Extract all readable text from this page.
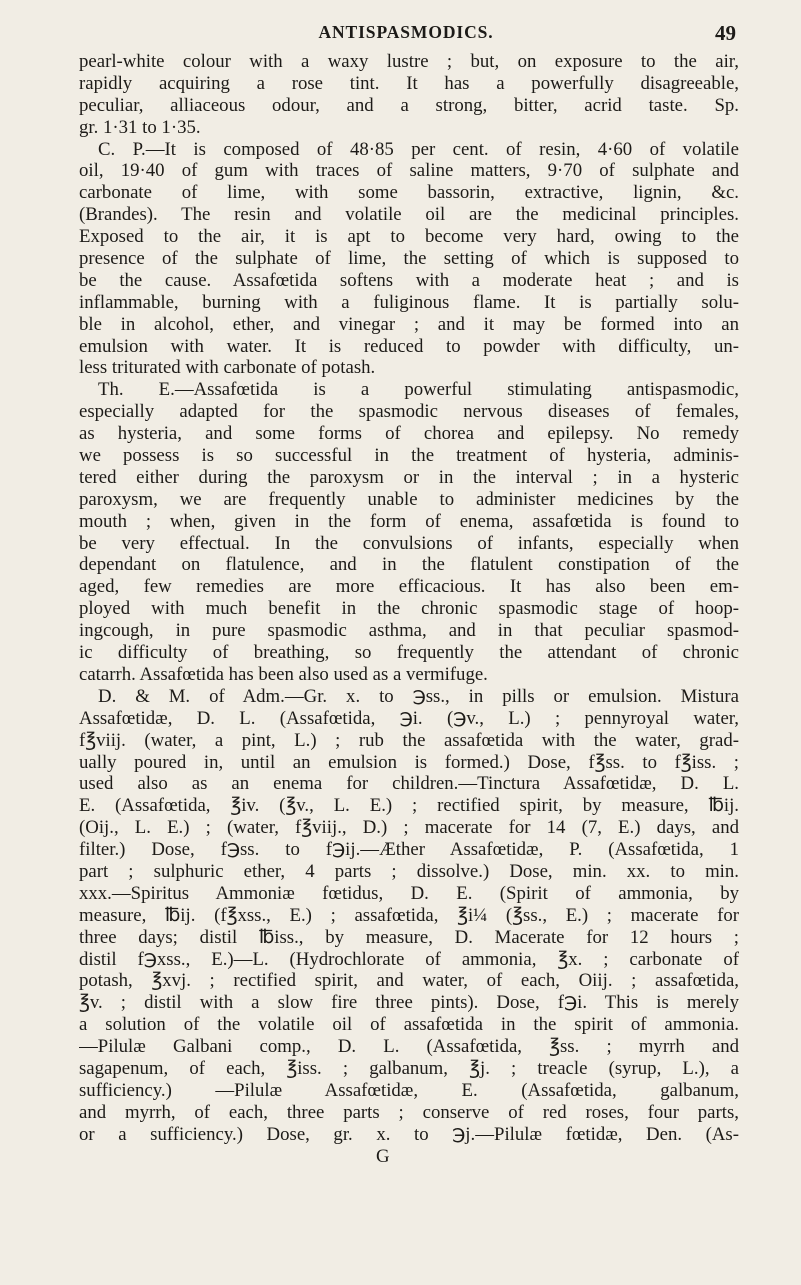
ANTISPASMODICS.	49
pearl-white colour with a waxy lustre ; but, on exposure to the air,
rapidly acquiring a rose tint. It has a powerfully disagreeable,
peculiar, alliaceous odour, and a strong, bitter, acrid taste. Sp.
gr. 1·31 to 1·35.
C. P.—It is composed of 48·85 per cent. of resin, 4·60 of volatile
oil, 19·40 of gum with traces of saline matters, 9·70 of sulphate and
carbonate of lime, with some bassorin, extractive, lignin, &c.
(Brandes). The resin and volatile oil are the medicinal principles.
Exposed to the air, it is apt to become very hard, owing to the
presence of the sulphate of lime, the setting of which is supposed to
be the cause. Assafœtida softens with a moderate heat ; and is
inflammable, burning with a fuliginous flame. It is partially solu-
ble in alcohol, ether, and vinegar ; and it may be formed into an
emulsion with water. It is reduced to powder with difficulty, un-
less triturated with carbonate of potash.
Th. E.—Assafœtida is a powerful stimulating antispasmodic,
especially adapted for the spasmodic nervous diseases of females,
as hysteria, and some forms of chorea and epilepsy. No remedy
we possess is so successful in the treatment of hysteria, adminis-
tered either during the paroxysm or in the interval ; in a hysteric
paroxysm, we are frequently unable to administer medicines by the
mouth ; when, given in the form of enema, assafœtida is found to
be very effectual. In the convulsions of infants, especially when
dependant on flatulence, and in the flatulent constipation of the
aged, few remedies are more efficacious. It has also been em-
ployed with much benefit in the chronic spasmodic stage of hoop-
ingcough, in pure spasmodic asthma, and in that peculiar spasmod-
ic difficulty of breathing, so frequently the attendant of chronic
catarrh. Assafœtida has been also used as a vermifuge.
D. & M. of Adm.—Gr. x. to ℈ss., in pills or emulsion. Mistura
Assafœtidæ, D. L. (Assafœtida, ℈i. (℈v., L.) ; pennyroyal water,
f℥viij. (water, a pint, L.) ; rub the assafœtida with the water, grad-
ually poured in, until an emulsion is formed.) Dose, f℥ss. to f℥iss. ;
used also as an enema for children.—Tinctura Assafœtidæ, D. L.
E. (Assafœtida, ℥iv. (℥v., L. E.) ; rectified spirit, by measure, ℔ij.
(Oij., L. E.) ; (water, f℥viij., D.) ; macerate for 14 (7, E.) days, and
filter.) Dose, f℈ss. to f℈ij.—Æther Assafœtidæ, P. (Assafœtida, 1
part ; sulphuric ether, 4 parts ; dissolve.) Dose, min. xx. to min.
xxx.—Spiritus Ammoniæ fœtidus, D. E. (Spirit of ammonia, by
measure, ℔ij. (f℥xss., E.) ; assafœtida, ℥i¼ (℥ss., E.) ; macerate for
three days; distil ℔iss., by measure, D. Macerate for 12 hours ;
distil f℈xss., E.)—L. (Hydrochlorate of ammonia, ℥x. ; carbonate of
potash, ℥xvj. ; rectified spirit, and water, of each, Oiij. ; assafœtida,
℥v. ; distil with a slow fire three pints). Dose, f℈i. This is merely
a solution of the volatile oil of assafœtida in the spirit of ammonia.
—Pilulæ Galbani comp., D. L. (Assafœtida, ℥ss. ; myrrh and
sagapenum, of each, ℥iss. ; galbanum, ℥j. ; treacle (syrup, L.), a
sufficiency.) —Pilulæ Assafœtidæ, E. (Assafœtida, galbanum,
and myrrh, of each, three parts ; conserve of red roses, four parts,
or a sufficiency.) Dose, gr. x. to ℈j.—Pilulæ fœtidæ, Den. (As-
G
